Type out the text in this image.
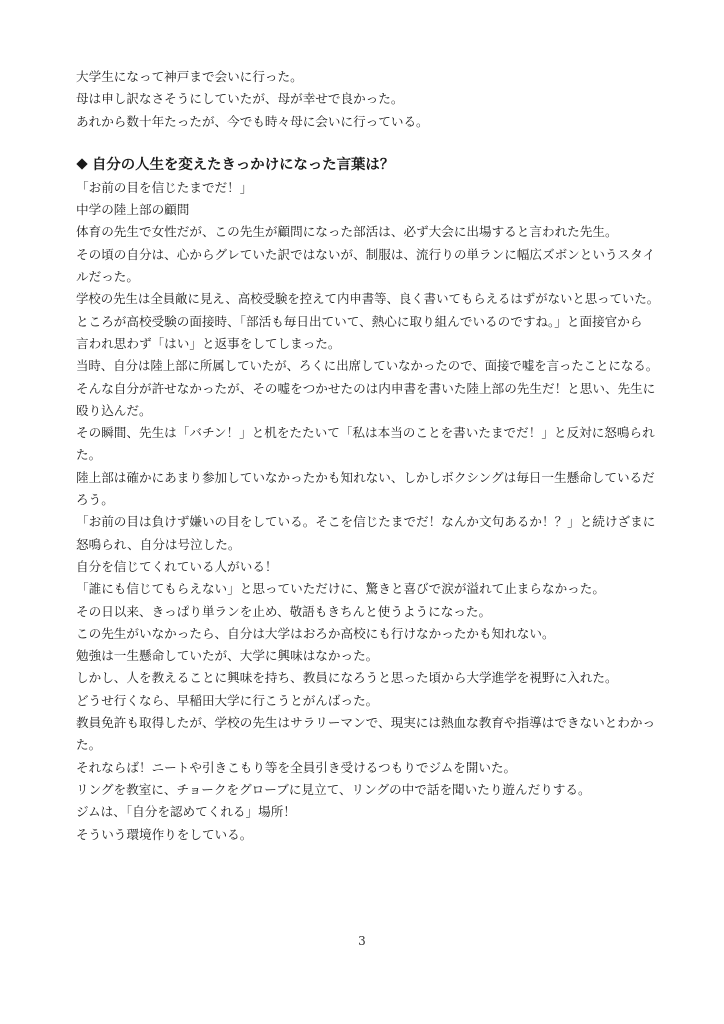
大学生になって神戸まで会いに行った。
母は申し訳なさそうにしていたが、母が幸せで良かった。
あれから数十年たったが、今でも時々母に会いに行っている。
自分の人生を変えたきっかけになった言葉は？
「お前の目を信じたまでだ！」
中学の陸上部の顧問
体育の先生で女性だが、この先生が顧問になった部活は、必ず大会に出場すると言われた先生。
その頃の自分は、心からグレていた訳ではないが、制服は、流行りの単ランに幅広ズボンというスタイ
ルだった。
学校の先生は全員敵に見え、高校受験を控えて内申書等、良く書いてもらえるはずがないと思っていた。
ところが高校受験の面接時、「部活も毎日出ていて、熱心に取り組んでいるのですね。」と面接官から
言われ思わず「はい」と返事をしてしまった。
当時、自分は陸上部に所属していたが、ろくに出席していなかったので、面接で嘘を言ったことになる。
そんな自分が許せなかったが、その嘘をつかせたのは内申書を書いた陸上部の先生だ！と思い、先生に
殴り込んだ。
その瞬間、先生は「バチン！」と机をたたいて「私は本当のことを書いたまでだ！」と反対に怒鳴られ
た。
陸上部は確かにあまり参加していなかったかも知れない、しかしボクシングは毎日一生懸命しているだ
ろう。
「お前の目は負けず嫌いの目をしている。そこを信じたまでだ！なんか文句あるか！？」と続けざまに
怒鳴られ、自分は号泣した。
自分を信じてくれている人がいる！
「誰にも信じてもらえない」と思っていただけに、驚きと喜びで涙が溢れて止まらなかった。
その日以来、きっぱり単ランを止め、敬語もきちんと使うようになった。
この先生がいなかったら、自分は大学はおろか高校にも行けなかったかも知れない。
勉強は一生懸命していたが、大学に興味はなかった。
しかし、人を教えることに興味を持ち、教員になろうと思った頃から大学進学を視野に入れた。
どうせ行くなら、早稲田大学に行こうとがんばった。
教員免許も取得したが、学校の先生はサラリーマンで、現実には熱血な教育や指導はできないとわかっ
た。
それならば！ニートや引きこもり等を全員引き受けるつもりでジムを開いた。
リングを教室に、チョークをグローブに見立て、リングの中で話を聞いたり遊んだりする。
ジムは、「自分を認めてくれる」場所！
そういう環境作りをしている。
3
